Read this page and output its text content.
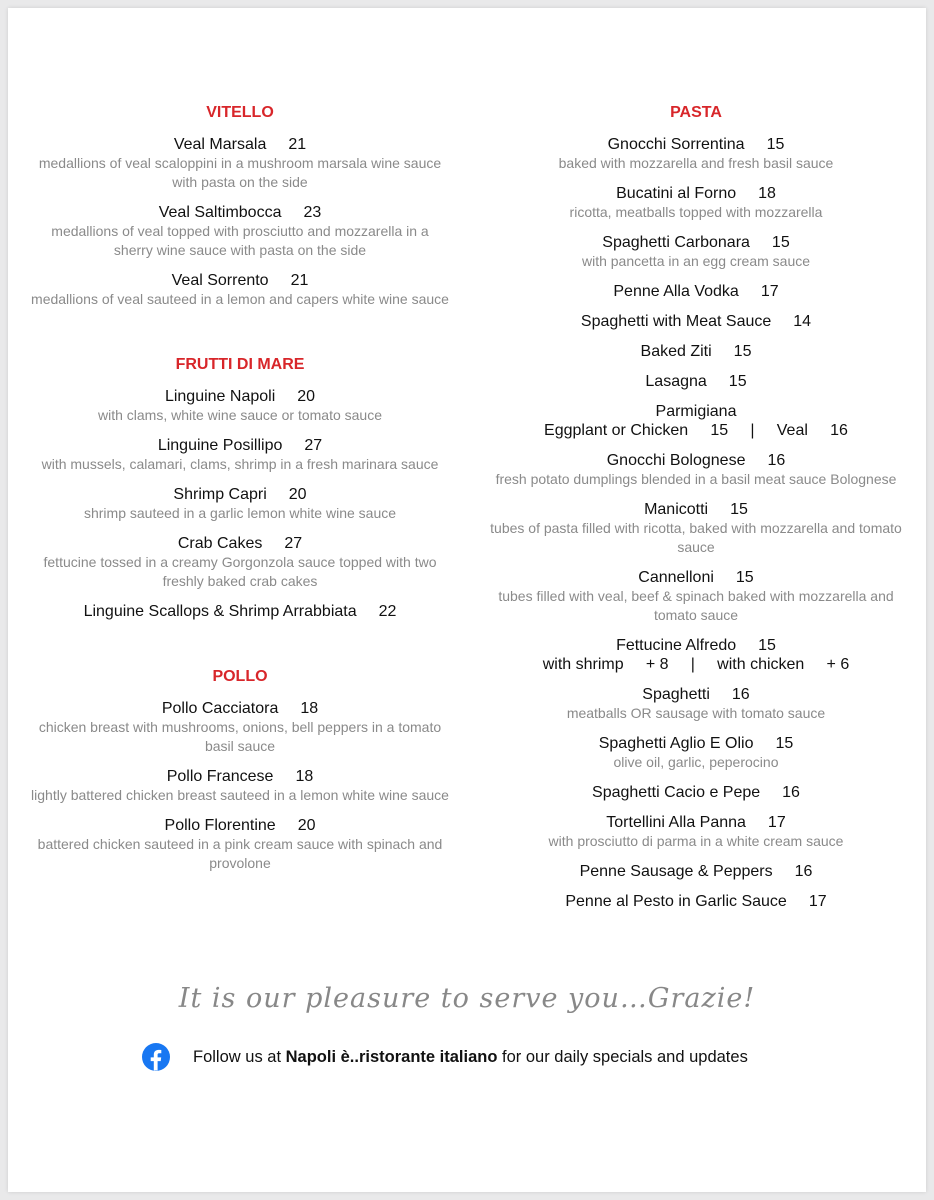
VITELLO
Veal Marsala 21
medallions of veal scaloppini in a mushroom marsala wine sauce with pasta on the side
Veal Saltimbocca 23
medallions of veal topped with prosciutto and mozzarella in a sherry wine sauce with pasta on the side
Veal Sorrento 21
medallions of veal sauteed in a lemon and capers white wine sauce
FRUTTI DI MARE
Linguine Napoli 20
with clams, white wine sauce or tomato sauce
Linguine Posillipo 27
with mussels, calamari, clams, shrimp in a fresh marinara sauce
Shrimp Capri 20
shrimp sauteed in a garlic lemon white wine sauce
Crab Cakes 27
fettucine tossed in a creamy Gorgonzola sauce topped with two freshly baked crab cakes
Linguine Scallops & Shrimp Arrabbiata 22
POLLO
Pollo Cacciatora 18
chicken breast with mushrooms, onions, bell peppers in a tomato basil sauce
Pollo Francese 18
lightly battered chicken breast sauteed in a lemon white wine sauce
Pollo Florentine 20
battered chicken sauteed in a pink cream sauce with spinach and provolone
PASTA
Gnocchi Sorrentina 15
baked with mozzarella and fresh basil sauce
Bucatini al Forno 18
ricotta, meatballs topped with mozzarella
Spaghetti Carbonara 15
with pancetta in an egg cream sauce
Penne Alla Vodka 17
Spaghetti with Meat Sauce 14
Baked Ziti 15
Lasagna 15
Parmigiana
Eggplant or Chicken     15     |     Veal     16
Gnocchi Bolognese 16
fresh potato dumplings blended in a basil meat sauce Bolognese
Manicotti 15
tubes of pasta filled with ricotta, baked with mozzarella and tomato sauce
Cannelloni 15
tubes filled with veal, beef & spinach baked with mozzarella and tomato sauce
Fettucine Alfredo 15
with shrimp     + 8     |     with chicken     + 6
Spaghetti 16
meatballs OR sausage with tomato sauce
Spaghetti Aglio E Olio 15
olive oil, garlic, peperocino
Spaghetti Cacio e Pepe 16
Tortellini Alla Panna 17
with prosciutto di parma in a white cream sauce
Penne Sausage & Peppers 16
Penne al Pesto in Garlic Sauce 17
It is our pleasure to serve you…Grazie!
Follow us at Napoli è..ristorante italiano for our daily specials and updates
